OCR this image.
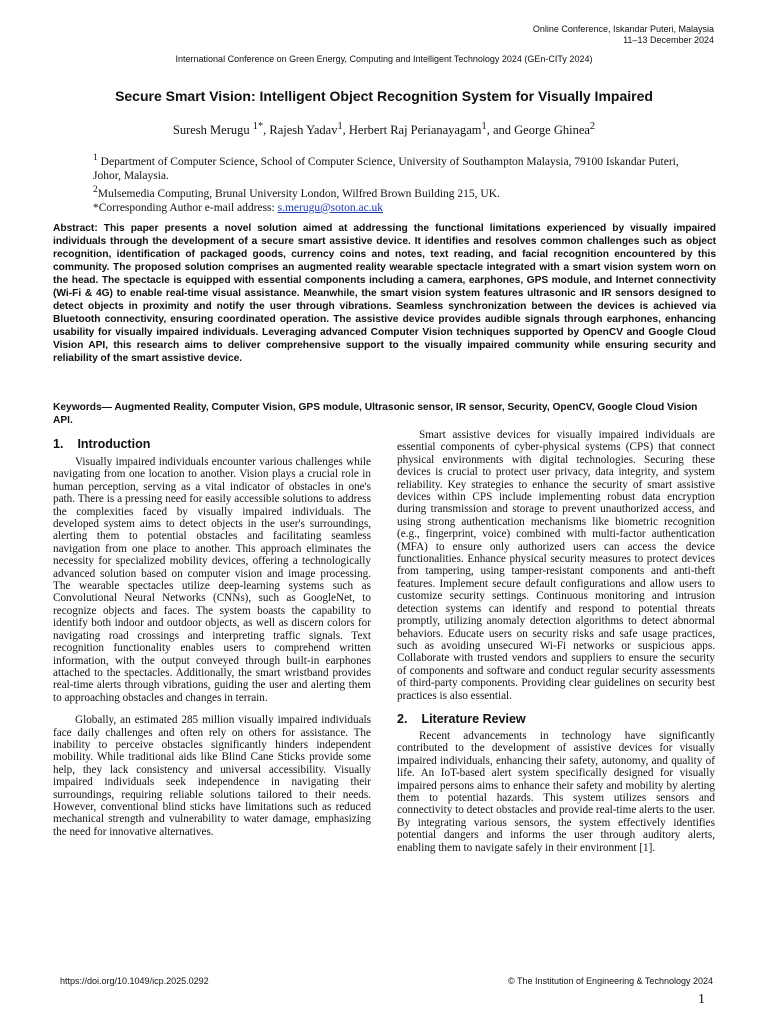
Online Conference, Iskandar Puteri, Malaysia
11–13 December 2024
International Conference on Green Energy, Computing and Intelligent Technology 2024 (GEn-CITy 2024)
Secure Smart Vision: Intelligent Object Recognition System for Visually Impaired
Suresh Merugu $^{1*}$, Rajesh Yadav$^1$, Herbert Raj Perianayagam$^1$, and George Ghinea$^2$
$^1$ Department of Computer Science, School of Computer Science, University of Southampton Malaysia, 79100 Iskandar Puteri, Johor, Malaysia.
$^2$Mulsemedia Computing, Brunal University London, Wilfred Brown Building 215, UK.
*Corresponding Author e-mail address: s.merugu@soton.ac.uk
Abstract: This paper presents a novel solution aimed at addressing the functional limitations experienced by visually impaired individuals through the development of a secure smart assistive device. It identifies and resolves common challenges such as object recognition, identification of packaged goods, currency coins and notes, text reading, and facial recognition encountered by this community. The proposed solution comprises an augmented reality wearable spectacle integrated with a smart vision system worn on the head. The spectacle is equipped with essential components including a camera, earphones, GPS module, and Internet connectivity (Wi-Fi & 4G) to enable real-time visual assistance. Meanwhile, the smart vision system features ultrasonic and IR sensors designed to detect objects in proximity and notify the user through vibrations. Seamless synchronization between the devices is achieved via Bluetooth connectivity, ensuring coordinated operation. The assistive device provides audible signals through earphones, enhancing usability for visually impaired individuals. Leveraging advanced Computer Vision techniques supported by OpenCV and Google Cloud Vision API, this research aims to deliver comprehensive support to the visually impaired community while ensuring security and reliability of the smart assistive device.
Keywords— Augmented Reality, Computer Vision, GPS module, Ultrasonic sensor, IR sensor, Security, OpenCV, Google Cloud Vision API.
1. Introduction

Visually impaired individuals encounter various challenges while navigating from one location to another. Vision plays a crucial role in human perception, serving as a vital indicator of obstacles in one's path. There is a pressing need for easily accessible solutions to address the complexities faced by visually impaired individuals. The developed system aims to detect objects in the user's surroundings, alerting them to potential obstacles and facilitating seamless navigation from one place to another. This approach eliminates the necessity for specialized mobility devices, offering a technologically advanced solution based on computer vision and image processing. The wearable spectacles utilize deep-learning systems such as Convolutional Neural Networks (CNNs), such as GoogleNet, to recognize objects and faces. The system boasts the capability to identify both indoor and outdoor objects, as well as discern colors for navigating road crossings and interpreting traffic signals. Text recognition functionality enables users to comprehend written information, with the output conveyed through built-in earphones attached to the spectacles. Additionally, the smart wristband provides real-time alerts through vibrations, guiding the user and alerting them to approaching obstacles and changes in terrain.

Globally, an estimated 285 million visually impaired individuals face daily challenges and often rely on others for assistance. The inability to perceive obstacles significantly hinders independent mobility. While traditional aids like Blind Cane Sticks provide some help, they lack consistency and universal accessibility. Visually impaired individuals seek independence in navigating their surroundings, requiring reliable solutions tailored to their needs. However, conventional blind sticks have limitations such as reduced mechanical strength and vulnerability to water damage, emphasizing the need for innovative alternatives.

Smart assistive devices for visually impaired individuals are essential components of cyber-physical systems (CPS) that connect physical environments with digital technologies. Securing these devices is crucial to protect user privacy, data integrity, and system reliability. Key strategies to enhance the security of smart assistive devices within CPS include implementing robust data encryption during transmission and storage to prevent unauthorized access, and using strong authentication mechanisms like biometric recognition (e.g., fingerprint, voice) combined with multi-factor authentication (MFA) to ensure only authorized users can access the device functionalities. Enhance physical security measures to protect devices from tampering, using tamper-resistant components and anti-theft features. Implement secure default configurations and allow users to customize security settings. Continuous monitoring and intrusion detection systems can identify and respond to potential threats promptly, utilizing anomaly detection algorithms to detect abnormal behaviors. Educate users on security risks and safe usage practices, such as avoiding unsecured Wi-Fi networks or suspicious apps. Collaborate with trusted vendors and suppliers to ensure the security of components and software and conduct regular security assessments of third-party components. Providing clear guidelines on security best practices is also essential.

2. Literature Review

Recent advancements in technology have significantly contributed to the development of assistive devices for visually impaired individuals, enhancing their safety, autonomy, and quality of life. An IoT-based alert system specifically designed for visually impaired persons aims to enhance their safety and mobility by alerting them to potential hazards. This system utilizes sensors and connectivity to detect obstacles and provide real-time alerts to the user. By integrating various sensors, the system effectively identifies potential dangers and informs the user through auditory alerts, enabling them to navigate safely in their environment [1].

https://doi.org/10.1049/icp.2025.0292	© The Institution of Engineering & Technology 2024
1
